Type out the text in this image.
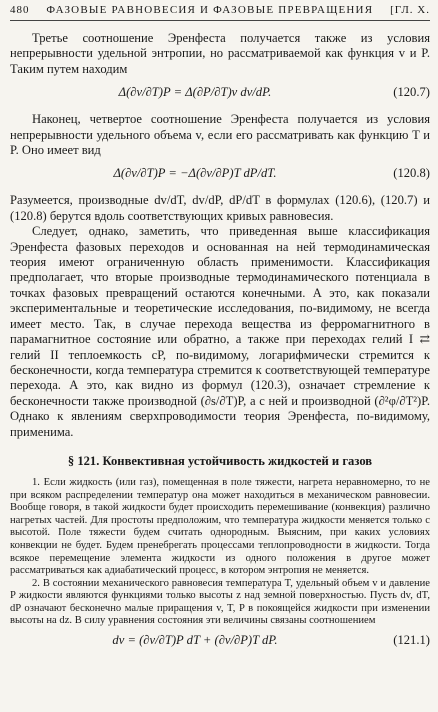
480 ФАЗОВЫЕ РАВНОВЕСИЯ И ФАЗОВЫЕ ПРЕВРАЩЕНИЯ [ГЛ. X.

Третье соотношение Эренфеста получается также из условия непрерывности удельной энтропии, но рассматриваемой как функция v и P. Таким путем находим

Δ(∂v/∂T)P = Δ(∂P/∂T)v dv/dP.	(120.7)

Наконец, четвертое соотношение Эренфеста получается из условия непрерывности удельного объема v, если его рассматривать как функцию T и P. Оно имеет вид

Δ(∂v/∂T)P = −Δ(∂v/∂P)T dP/dT.	(120.8)

Разумеется, производные dv/dT, dv/dP, dP/dT в формулах (120.6), (120.7) и (120.8) берутся вдоль соответствующих кривых равновесия.

Следует, однако, заметить, что приведенная выше классификация Эренфеста фазовых переходов и основанная на ней термодинамическая теория имеют ограниченную область применимости. Классификация предполагает, что вторые производные термодинамического потенциала в точках фазовых превращений остаются конечными. А это, как показали экспериментальные и теоретические исследования, по-видимому, не всегда имеет место. Так, в случае перехода вещества из ферромагнитного в парамагнитное состояние или обратно, а также при переходах гелий I ⇄ гелий II теплоемкость cP, по-видимому, логарифмически стремится к бесконечности, когда температура стремится к соответствующей температуре перехода. А это, как видно из формул (120.3), означает стремление к бесконечности также производной (∂s/∂T)P, а с ней и производной (∂²φ/∂T²)P. Однако к явлениям сверхпроводимости теория Эренфеста, по-видимому, применима.

§ 121. Конвективная устойчивость жидкостей и газов

1. Если жидкость (или газ), помещенная в поле тяжести, нагрета неравномерно, то не при всяком распределении температур она может находиться в механическом равновесии. Вообще говоря, в такой жидкости будет происходить перемешивание (конвекция) различно нагретых частей. Для простоты предположим, что температура жидкости меняется только с высотой. Поле тяжести будем считать однородным. Выясним, при каких условиях конвекции не будет. Будем пренебрегать процессами теплопроводности в жидкости. Тогда всякое перемещение элемента жидкости из одного положения в другое может рассматриваться как адиабатический процесс, в котором энтропия не меняется.

2. В состоянии механического равновесия температура T, удельный объем v и давление P жидкости являются функциями только высоты z над земной поверхностью. Пусть dv, dT, dP означают бесконечно малые приращения v, T, P в покоящейся жидкости при изменении высоты на dz. В силу уравнения состояния эти величины связаны соотношением

dv = (∂v/∂T)P dT + (∂v/∂P)T dP.	(121.1)
